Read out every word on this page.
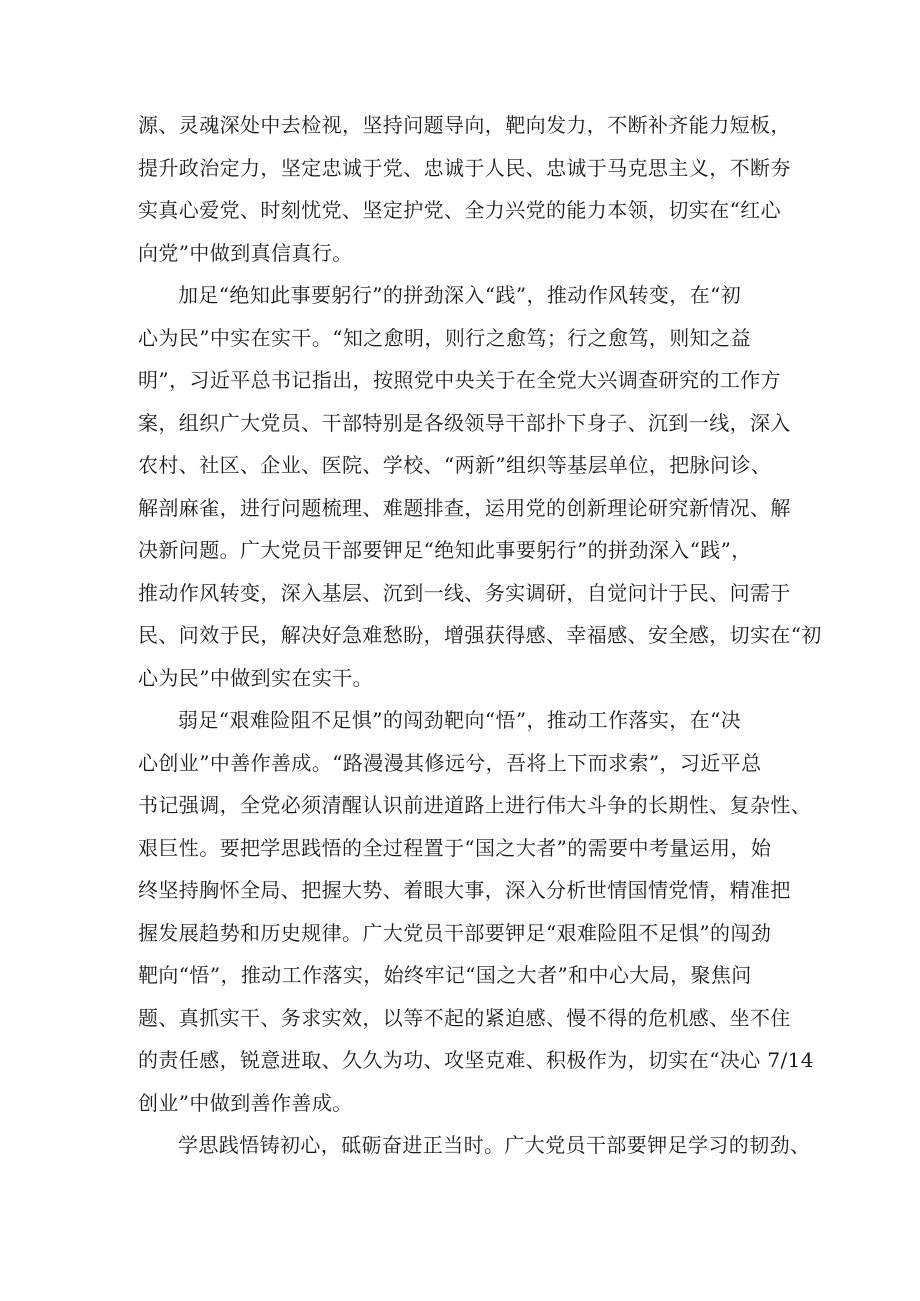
源、灵魂深处中去检视，坚持问题导向，靶向发力，不断补齐能力短板，
提升政治定力，坚定忠诚于党、忠诚于人民、忠诚于马克思主义，不断夯
实真心爱党、时刻忧党、坚定护党、全力兴党的能力本领，切实在“红心
向党”中做到真信真行。
加足“绝知此事要躬行”的拼劲深入“践”，推动作风转变，在“初
心为民”中实在实干。“知之愈明，则行之愈笃；行之愈笃，则知之益
明”，习近平总书记指出，按照党中央关于在全党大兴调查研究的工作方
案，组织广大党员、干部特别是各级领导干部扑下身子、沉到一线，深入
农村、社区、企业、医院、学校、“两新”组织等基层单位，把脉问诊、
解剖麻雀，进行问题梳理、难题排查，运用党的创新理论研究新情况、解
决新问题。广大党员干部要钾足“绝知此事要躬行”的拼劲深入“践”，
推动作风转变，深入基层、沉到一线、务实调研，自觉问计于民、问需于
民、问效于民，解决好急难愁盼，增强获得感、幸福感、安全感，切实在“初
心为民”中做到实在实干。
弱足“艰难险阻不足惧”的闯劲靶向“悟”，推动工作落实，在“决
心创业”中善作善成。“路漫漫其修远兮，吾将上下而求索”，习近平总
书记强调，全党必须清醒认识前进道路上进行伟大斗争的长期性、复杂性、
艰巨性。要把学思践悟的全过程置于“国之大者”的需要中考量运用，始
终坚持胸怀全局、把握大势、着眼大事，深入分析世情国情党情，精准把
握发展趋势和历史规律。广大党员干部要钾足“艰难险阻不足惧”的闯劲
靶向“悟”，推动工作落实，始终牢记“国之大者”和中心大局，聚焦问
题、真抓实干、务求实效，以等不起的紧迫感、慢不得的危机感、坐不住
的责任感，锐意进取、久久为功、攻坚克难、积极作为，切实在“决心 7/14
创业”中做到善作善成。
学思践悟铸初心，砥砺奋进正当时。广大党员干部要钾足学习的韧劲、
